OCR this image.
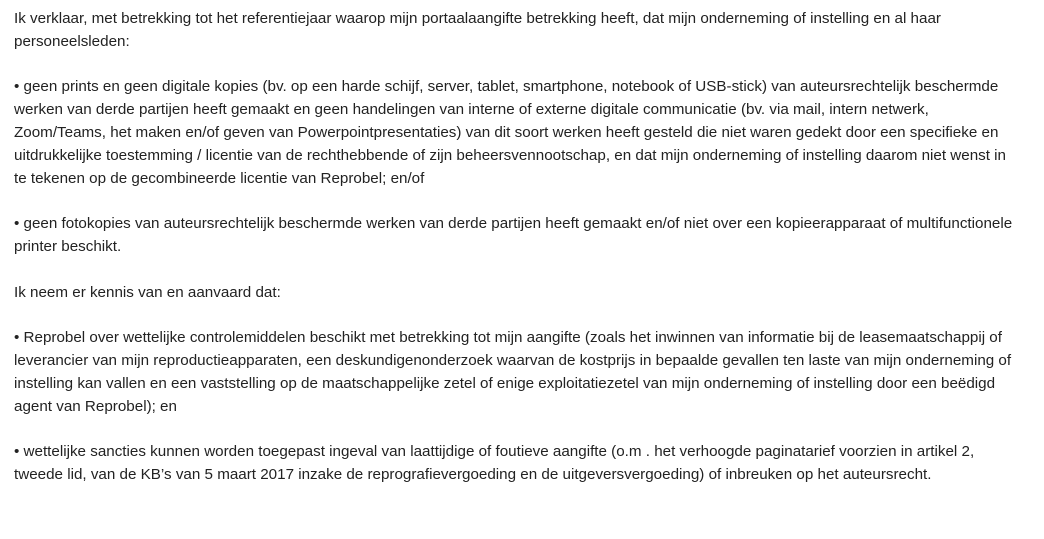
Ik verklaar, met betrekking tot het referentiejaar waarop mijn portaalaangifte betrekking heeft, dat mijn onderneming of instelling en al haar personeelsleden:

• geen prints en geen digitale kopies (bv. op een harde schijf, server, tablet, smartphone, notebook of USB-stick) van auteursrechtelijk beschermde werken van derde partijen heeft gemaakt en geen handelingen van interne of externe digitale communicatie (bv. via mail, intern netwerk, Zoom/Teams, het maken en/of geven van Powerpointpresentaties) van dit soort werken heeft gesteld die niet waren gedekt door een specifieke en uitdrukkelijke toestemming / licentie van de rechthebbende of zijn beheersvennootschap, en dat mijn onderneming of instelling daarom niet wenst in te tekenen op de gecombineerde licentie van Reprobel; en/of

• geen fotokopies van auteursrechtelijk beschermde werken van derde partijen heeft gemaakt en/of niet over een kopieerapparaat of multifunctionele printer beschikt.

Ik neem er kennis van en aanvaard dat:

• Reprobel over wettelijke controlemiddelen beschikt met betrekking tot mijn aangifte (zoals het inwinnen van informatie bij de leasemaatschappij of leverancier van mijn reproductieapparaten, een deskundigenonderzoek waarvan de kostprijs in bepaalde gevallen ten laste van mijn onderneming of instelling kan vallen en een vaststelling op de maatschappelijke zetel of enige exploitatiezetel van mijn onderneming of instelling door een beëdigd agent van Reprobel); en

• wettelijke sancties kunnen worden toegepast ingeval van laattijdige of foutieve aangifte (o.m . het verhoogde paginatarief voorzien in artikel 2, tweede lid, van de KB’s van 5 maart 2017 inzake de reprografievergoeding en de uitgeversvergoeding) of inbreuken op het auteursrecht.
